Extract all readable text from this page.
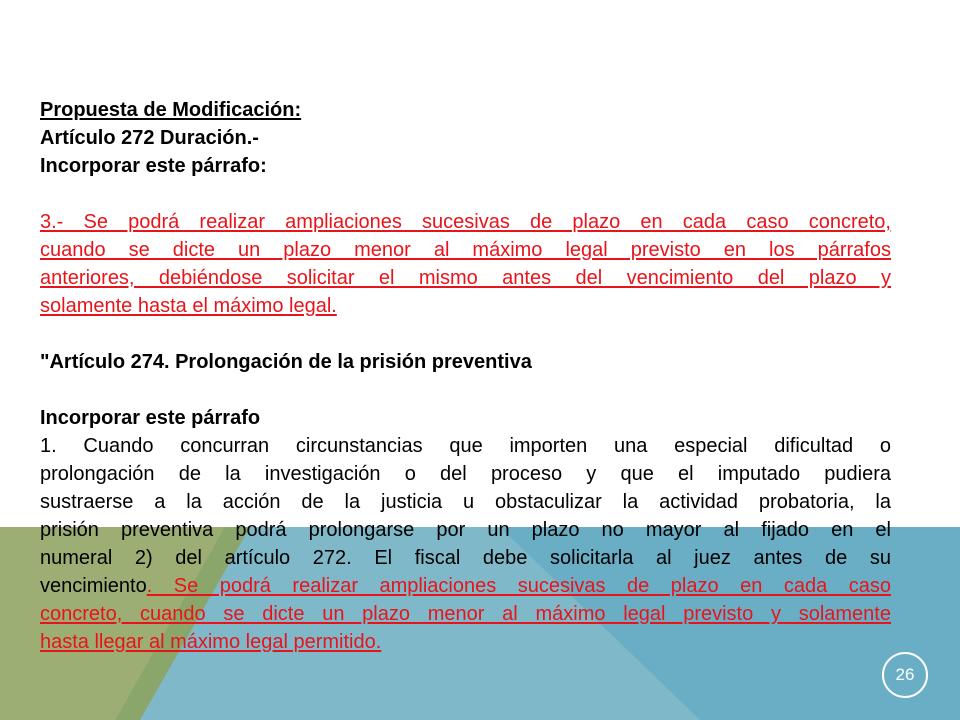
Propuesta de Modificación:
Artículo 272 Duración.-
Incorporar este párrafo:
3.- Se podrá realizar ampliaciones sucesivas de plazo en cada caso concreto,
cuando se dicte un plazo menor al máximo legal previsto en los párrafos
anteriores, debiéndose solicitar el mismo antes del vencimiento del plazo y
solamente hasta el máximo legal.
"Artículo 274. Prolongación de la prisión preventiva
Incorporar este párrafo
1. Cuando concurran circunstancias que importen una especial dificultad o
prolongación de la investigación o del proceso y que el imputado pudiera
sustraerse a la acción de la justicia u obstaculizar la actividad probatoria, la
prisión preventiva podrá prolongarse por un plazo no mayor al fijado en el
numeral 2) del artículo 272. El fiscal debe solicitarla al juez antes de su
vencimiento. Se podrá realizar ampliaciones sucesivas de plazo en cada caso
concreto, cuando se dicte un plazo menor al máximo legal previsto y solamente
hasta llegar al máximo legal permitido.
26
